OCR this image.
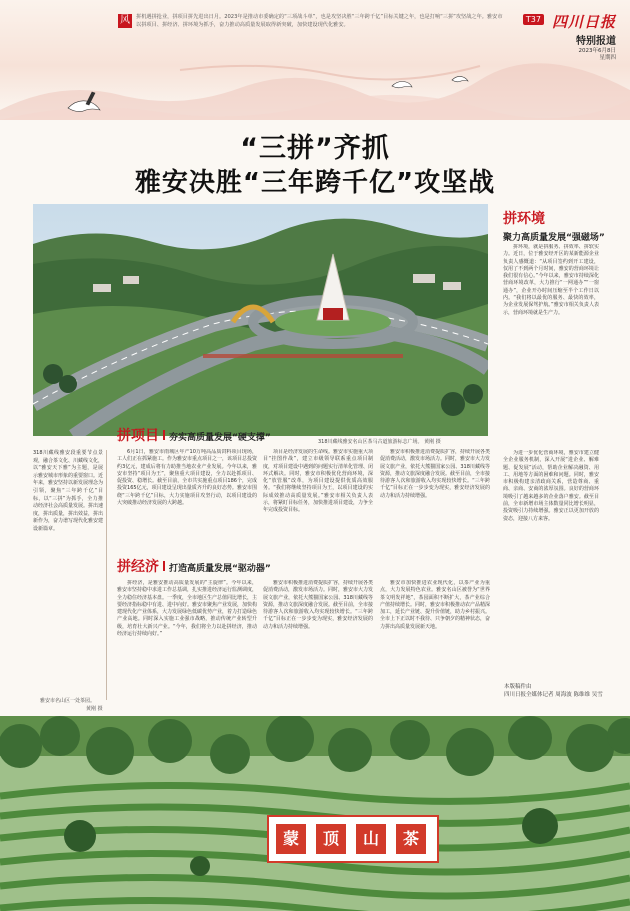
风	拼机遇拼抢业，拼项目拼先进出日月。2023年是推动市委确定的“三项战斗单”，也是攻坚决胜“三年跨千亿”目标关键之年，也是打响“三拼”攻坚战之年。雅安市以拼项目、拼经济、拼环境为抓手，奋力推动高质量发展取得新突破，加快建设现代化雅安。
T37 四川日报
特别报道
2023年6月8日
星期四
“三拼”齐抓
雅安决胜“三年跨千亿”攻坚战
318川藏线雅安名山区茶马古道旅游标志广场。 黄刚 摄
318川藏线雅安段重要节点景观，融合茶文化、川藏线文化，以“雅安天下雅”为主题，是展示雅安城市形象的重要窗口。近年来，雅安坚持以新发展理念为引领，聚焦“三年跨千亿”目标，以“三拼”为抓手，全力推动经济社会高质量发展。拼出速度，拼出质量，拼出效益，拼出新作为，奋力谱写现代化雅安建设新篇章。
雅安市名山区一处茶园。
黄刚 摄
拼项目 夯实高质量发展“硬支撑”

6月1日，雅安市雨城区年产10万吨高品质饲料项目现场，工人们正在抓紧施工。作为雅安市重点项目之一，该项目总投资约3亿元，建成后将有力助推当地农业产业发展。今年以来，雅安市坚持“项目为王”，聚焦重大项目建设，全力以赴抓项目、促投资、稳增长。截至目前，全市共实施重点项目186个，完成投资165亿元，项目建设呈现出量质齐升的良好态势。雅安市围绕“三年跨千亿”目标，大力实施项目攻坚行动，以项目建设的大突破推动经济发展的大跨越。

项目是经济发展的生命线。雅安市实施重大项目“挂图作战”，建立市级领导联系重点项目制度，对项目建设中遇到的问题实行清单化管理、闭环式解决。同时，雅安市积极优化营商环境，深化“放管服”改革，为项目建设提供优质高效服务。“我们将继续坚持项目为王，以项目建设的实际成效推动高质量发展。”雅安市相关负责人表示，将紧盯目标任务，加快推进项目建设，力争全年完成投资目标。

拼经济 打造高质量发展“驱动器”

拼经济，是雅安推动高质量发展的“主旋律”。今年以来，雅安市坚持稳中求进工作总基调，扎实推进经济运行监测调度，全力稳住经济基本盘。一季度，全市地区生产总值同比增长，主要经济指标稳中有进、进中向好。雅安市聚焦产业发展，加快构建现代化产业体系，大力发展绿色低碳优势产业，着力打造绿色产业高地。同时深入实施工业强市战略，推动传统产业转型升级，培育壮大新兴产业。“今年，我们将全力以赴拼经济，推动经济运行持续向好。”

雅安市积极推进消费提质扩容，持续开展各类促消费活动，激发市场活力。同时，雅安市大力发展文旅产业，依托大熊猫国家公园、318川藏线等资源，推动文旅深度融合发展。截至目前，全市接待游客人次和旅游收入均实现较快增长。“三年跨千亿”目标正在一步步变为现实，雅安经济发展的动力和活力持续增强。

雅安市加快推进农业现代化，以茶产业为重点，大力发展特色农业。雅安名山区被誉为“世界茶文明发祥地”，茶园面积不断扩大，茶产业综合产值持续增长。同时，雅安市积极推动农产品精深加工，延长产业链、提升价值链，助力乡村振兴。全市上下正以时不我待、只争朝夕的精神状态，奋力拼出高质量发展新天地。

雅安市积极推进消费提质扩容，持续开展各类促消费活动，激发市场活力。同时，雅安市大力发展文旅产业，依托大熊猫国家公园、318川藏线等资源，推动文旅深度融合发展。截至目前，全市接待游客人次和旅游收入均实现较快增长。“三年跨千亿”目标正在一步步变为现实，雅安经济发展的动力和活力持续增强。

拼环境
聚力高质量发展“强磁场”

拼环境，就是拼服务、拼效率、拼软实力。近日，位于雅安经开区的某新能源企业负责人感慨道：“从项目签约到开工建设，仅用了不到两个月时间，雅安的营商环境让我们很有信心。”今年以来，雅安市持续深化营商环境改革，大力推行“一网通办”“一窗通办”，企业开办时间压缩至半个工作日以内。“我们将以最优的服务、最快的效率，为企业发展保驾护航。”雅安市相关负责人表示，营商环境就是生产力。

为进一步优化营商环境，雅安市建立健全企业服务机制，深入开展“进企业、解难题、促发展”活动，帮助企业解决融资、用工、用地等方面的困难和问题。同时，雅安市积极构建亲清政商关系，营造尊商、重商、亲商、安商的浓厚氛围。良好的营商环境吸引了越来越多的企业落户雅安。截至目前，全市新增市场主体数量同比增长明显，投资吸引力持续增强。雅安正以更加开放的姿态，迎接八方来客。

本版稿件由
四川日报全媒体记者 周海波 陈维维 吴雪
蒙	顶	山	茶
